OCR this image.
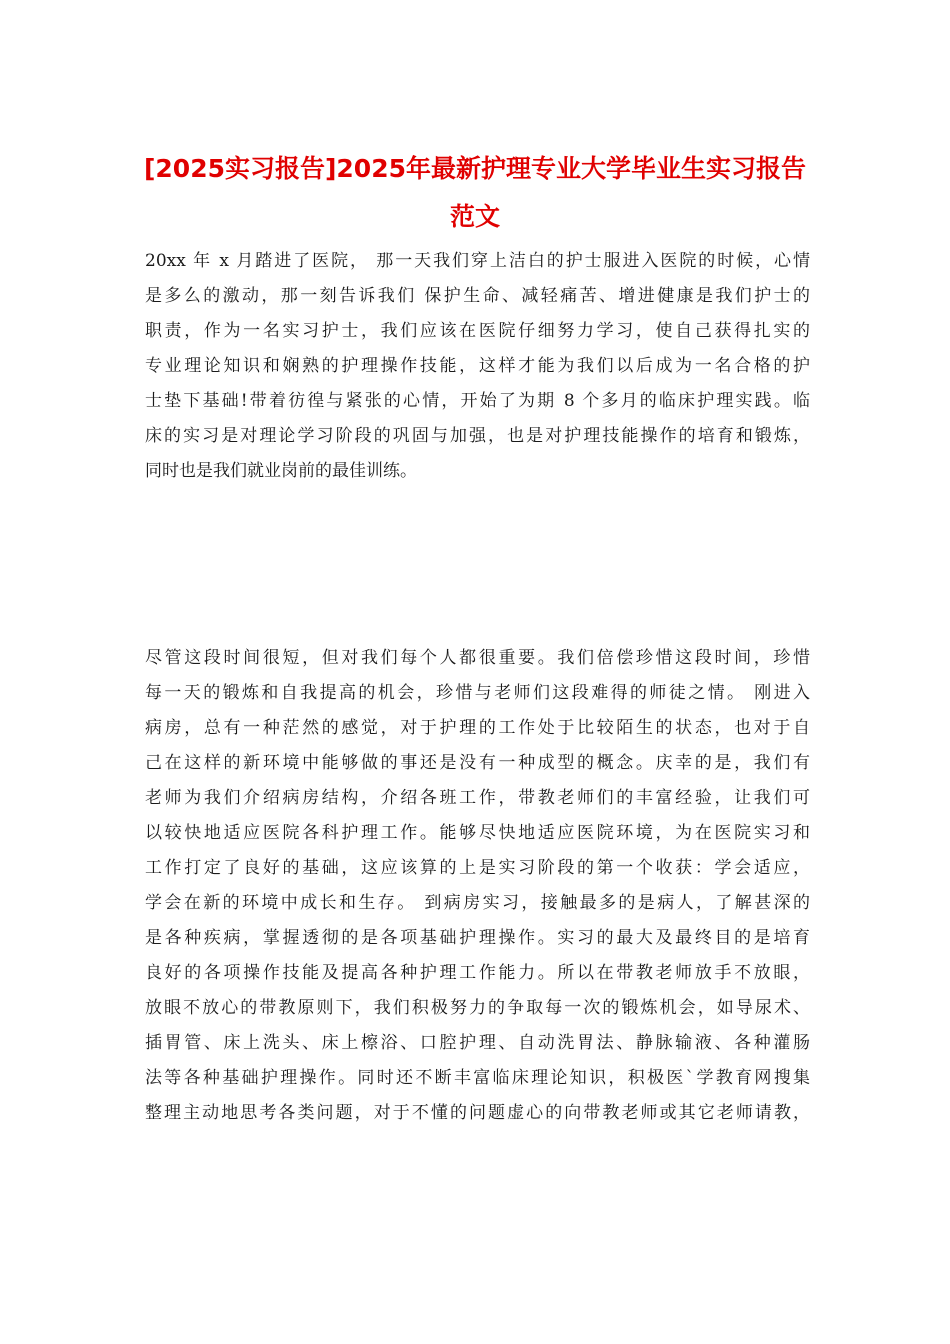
[2025实习报告]2025年最新护理专业大学毕业生实习报告
范文

20xx 年 x 月踏进了医院， 那一天我们穿上洁白的护士服进入医院的时候，心情

是多么的激动，那一刻告诉我们 保护生命、减轻痛苦、增进健康是我们护士的

职责，作为一名实习护士，我们应该在医院仔细努力学习，使自己获得扎实的

专业理论知识和娴熟的护理操作技能，这样才能为我们以后成为一名合格的护

士垫下基础!带着彷徨与紧张的心情，开始了为期 8 个多月的临床护理实践。临

床的实习是对理论学习阶段的巩固与加强，也是对护理技能操作的培育和锻炼，

同时也是我们就业岗前的最佳训练。

尽管这段时间很短，但对我们每个人都很重要。我们倍偿珍惜这段时间，珍惜

每一天的锻炼和自我提高的机会，珍惜与老师们这段难得的师徒之情。 刚进入

病房，总有一种茫然的感觉，对于护理的工作处于比较陌生的状态，也对于自

己在这样的新环境中能够做的事还是没有一种成型的概念。庆幸的是，我们有

老师为我们介绍病房结构，介绍各班工作，带教老师们的丰富经验，让我们可

以较快地适应医院各科护理工作。能够尽快地适应医院环境，为在医院实习和

工作打定了良好的基础，这应该算的上是实习阶段的第一个收获：学会适应，

学会在新的环境中成长和生存。 到病房实习，接触最多的是病人，了解甚深的

是各种疾病，掌握透彻的是各项基础护理操作。实习的最大及最终目的是培育

良好的各项操作技能及提高各种护理工作能力。所以在带教老师放手不放眼，

放眼不放心的带教原则下，我们积极努力的争取每一次的锻炼机会，如导尿术、

插胃管、床上洗头、床上檫浴、口腔护理、自动洗胃法、静脉输液、各种灌肠

法等各种基础护理操作。同时还不断丰富临床理论知识，积极医`学教育网搜集

整理主动地思考各类问题，对于不懂的问题虚心的向带教老师或其它老师请教，
